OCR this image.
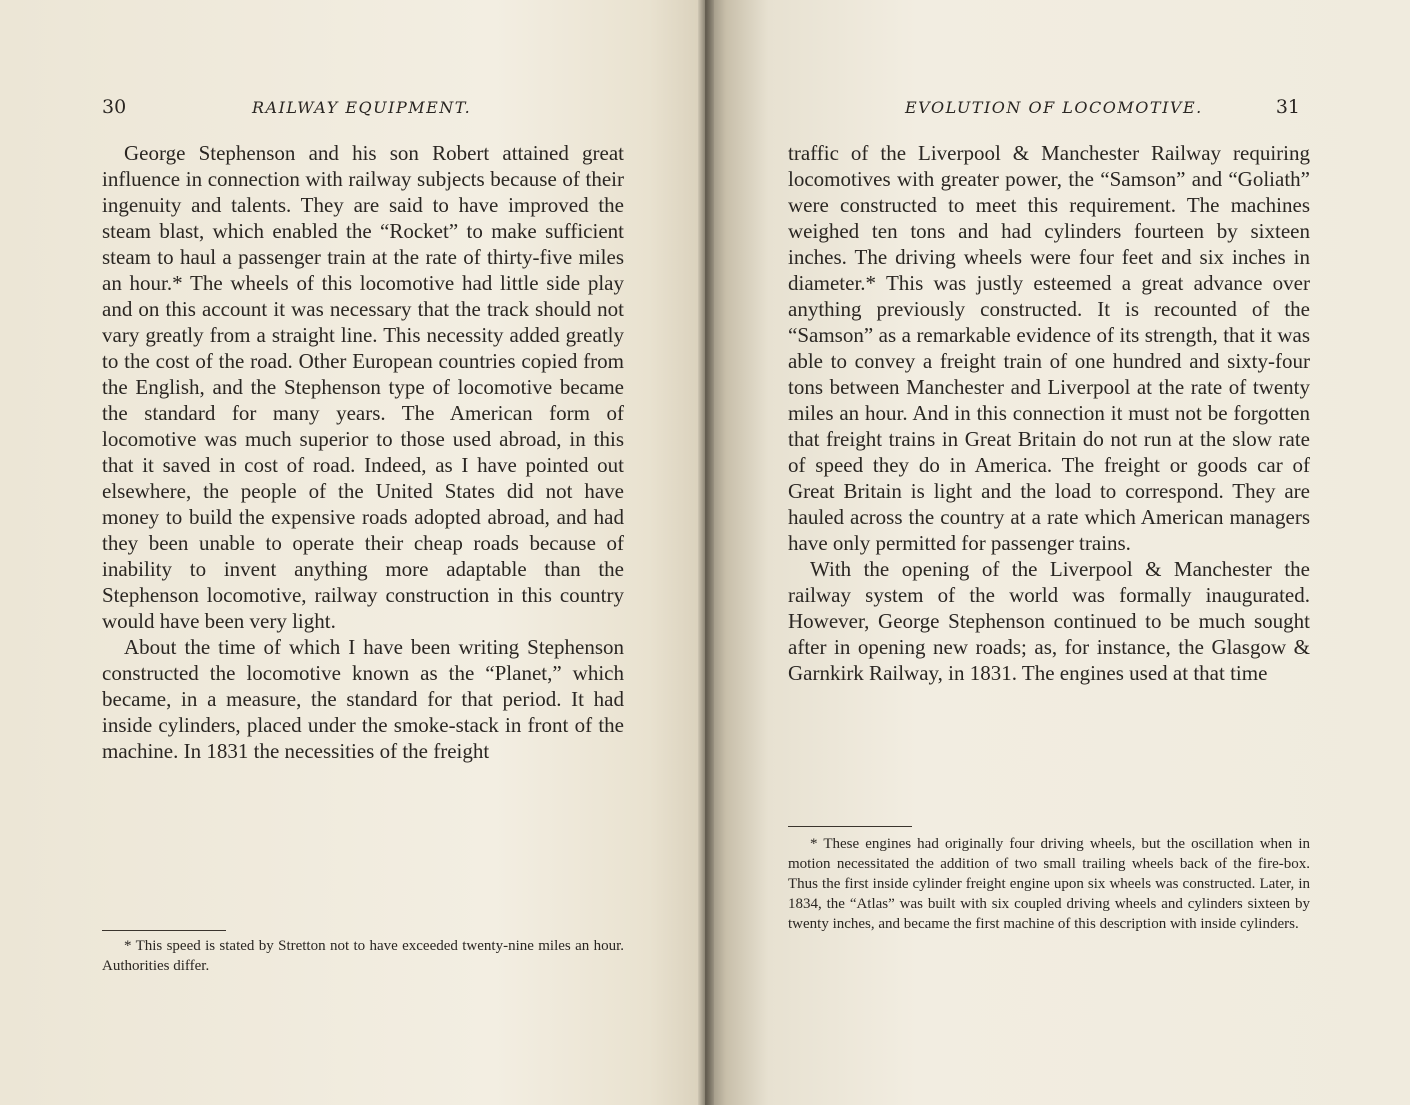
30	RAILWAY EQUIPMENT.

George Stephenson and his son Robert attained great influence in connection with railway subjects because of their ingenuity and talents. They are said to have improved the steam blast, which enabled the “Rocket” to make sufficient steam to haul a passenger train at the rate of thirty-five miles an hour.* The wheels of this locomotive had little side play and on this account it was necessary that the track should not vary greatly from a straight line. This necessity added greatly to the cost of the road. Other European countries copied from the English, and the Stephenson type of locomotive became the standard for many years. The American form of locomotive was much superior to those used abroad, in this that it saved in cost of road. Indeed, as I have pointed out elsewhere, the people of the United States did not have money to build the expensive roads adopted abroad, and had they been unable to operate their cheap roads because of inability to invent anything more adaptable than the Stephenson locomotive, railway construction in this country would have been very light.

About the time of which I have been writing Stephenson constructed the locomotive known as the “Planet,” which became, in a measure, the standard for that period. It had inside cylinders, placed under the smoke-stack in front of the machine. In 1831 the necessities of the freight

* This speed is stated by Stretton not to have exceeded twenty-nine miles an hour. Authorities differ.

EVOLUTION OF LOCOMOTIVE.	31

traffic of the Liverpool & Manchester Railway requiring locomotives with greater power, the “Samson” and “Goliath” were constructed to meet this requirement. The machines weighed ten tons and had cylinders fourteen by sixteen inches. The driving wheels were four feet and six inches in diameter.* This was justly esteemed a great advance over anything previously constructed. It is recounted of the “Samson” as a remarkable evidence of its strength, that it was able to convey a freight train of one hundred and sixty-four tons between Manchester and Liverpool at the rate of twenty miles an hour. And in this connection it must not be forgotten that freight trains in Great Britain do not run at the slow rate of speed they do in America. The freight or goods car of Great Britain is light and the load to correspond. They are hauled across the country at a rate which American managers have only permitted for passenger trains.

With the opening of the Liverpool & Manchester the railway system of the world was formally inaugurated. However, George Stephenson continued to be much sought after in opening new roads; as, for instance, the Glasgow & Garnkirk Railway, in 1831. The engines used at that time

* These engines had originally four driving wheels, but the oscillation when in motion necessitated the addition of two small trailing wheels back of the fire-box. Thus the first inside cylinder freight engine upon six wheels was constructed. Later, in 1834, the “Atlas” was built with six coupled driving wheels and cylinders sixteen by twenty inches, and became the first machine of this description with inside cylinders.
